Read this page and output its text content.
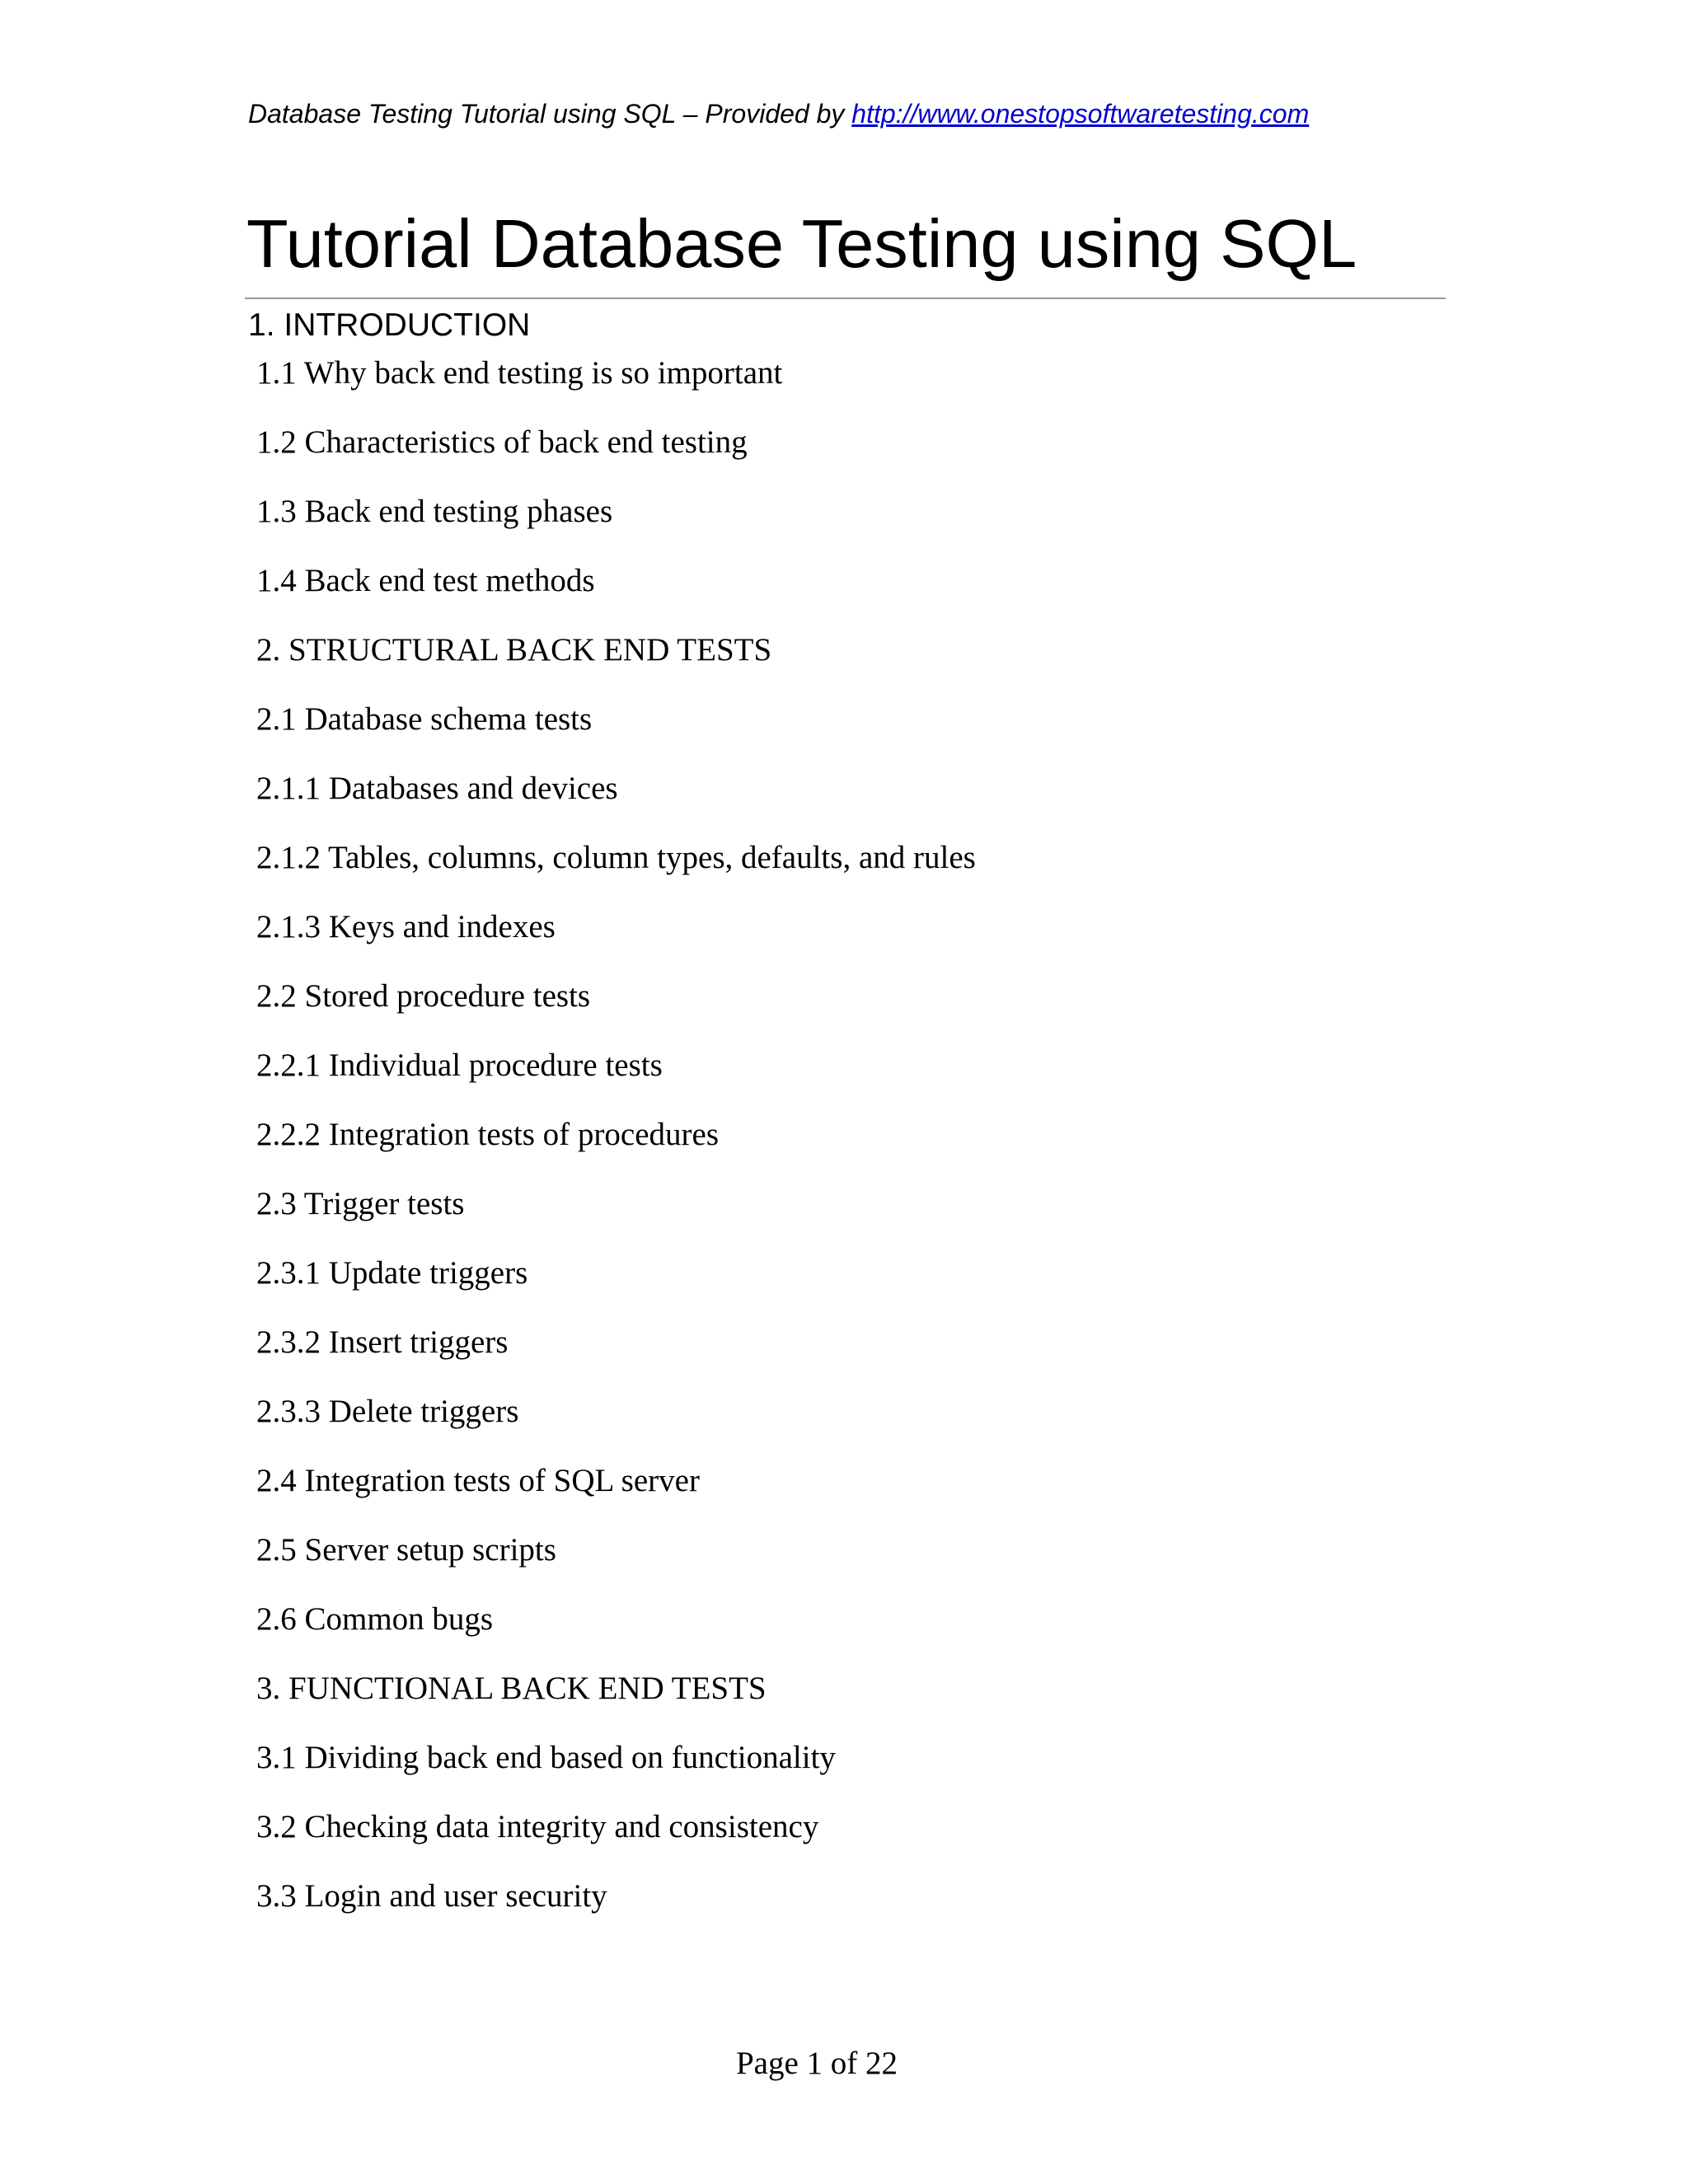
Database Testing Tutorial using SQL – Provided by http://www.onestopsoftwaretesting.com
Tutorial Database Testing using SQL
1. INTRODUCTION
1.1 Why back end testing is so important
1.2 Characteristics of back end testing
1.3 Back end testing phases
1.4 Back end test methods
2. STRUCTURAL BACK END TESTS
2.1 Database schema tests
2.1.1 Databases and devices
2.1.2 Tables, columns, column types, defaults, and rules
2.1.3 Keys and indexes
2.2 Stored procedure tests
2.2.1 Individual procedure tests
2.2.2 Integration tests of procedures
2.3 Trigger tests
2.3.1 Update triggers
2.3.2 Insert triggers
2.3.3 Delete triggers
2.4 Integration tests of SQL server
2.5 Server setup scripts
2.6 Common bugs
3. FUNCTIONAL BACK END TESTS
3.1 Dividing back end based on functionality
3.2 Checking data integrity and consistency
3.3 Login and user security
Page 1 of 22
